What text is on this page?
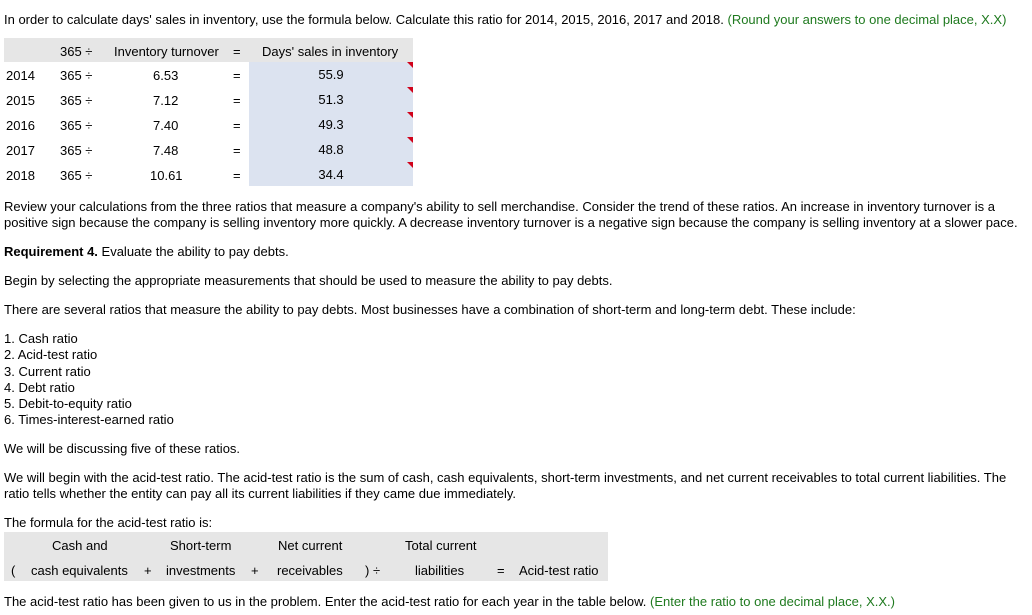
In order to calculate days' sales in inventory, use the formula below. Calculate this ratio for 2014, 2015, 2016, 2017 and 2018. (Round your answers to one decimal place, X.X)
365 ÷ Inventory turnover = Days' sales in inventory
2014 365 ÷	6.53	=	55.9
2015 365 ÷	7.12	=	51.3
2016 365 ÷	7.40	=	49.3
2017 365 ÷	7.48	=	48.8
2018 365 ÷	10.61	=	34.4
Review your calculations from the three ratios that measure a company's ability to sell merchandise. Consider the trend of these ratios. An increase in inventory turnover is a positive sign because the company is selling inventory more quickly. A decrease inventory turnover is a negative sign because the company is selling inventory at a slower pace.
Requirement 4. Evaluate the ability to pay debts.
Begin by selecting the appropriate measurements that should be used to measure the ability to pay debts.
There are several ratios that measure the ability to pay debts. Most businesses have a combination of short-term and long-term debt. These include:
1. Cash ratio
2. Acid-test ratio
3. Current ratio
4. Debt ratio
5. Debit-to-equity ratio
6. Times-interest-earned ratio
We will be discussing five of these ratios.
We will begin with the acid-test ratio. The acid-test ratio is the sum of cash, cash equivalents, short-term investments, and net current receivables to total current liabilities. The ratio tells whether the entity can pay all its current liabilities if they came due immediately.
The formula for the acid-test ratio is:
Cash and	Short-term	Net current	Total current
( cash equivalents + investments + receivables ) ÷	liabilities	= Acid-test ratio
The acid-test ratio has been given to us in the problem. Enter the acid-test ratio for each year in the table below. (Enter the ratio to one decimal place, X.X.)
